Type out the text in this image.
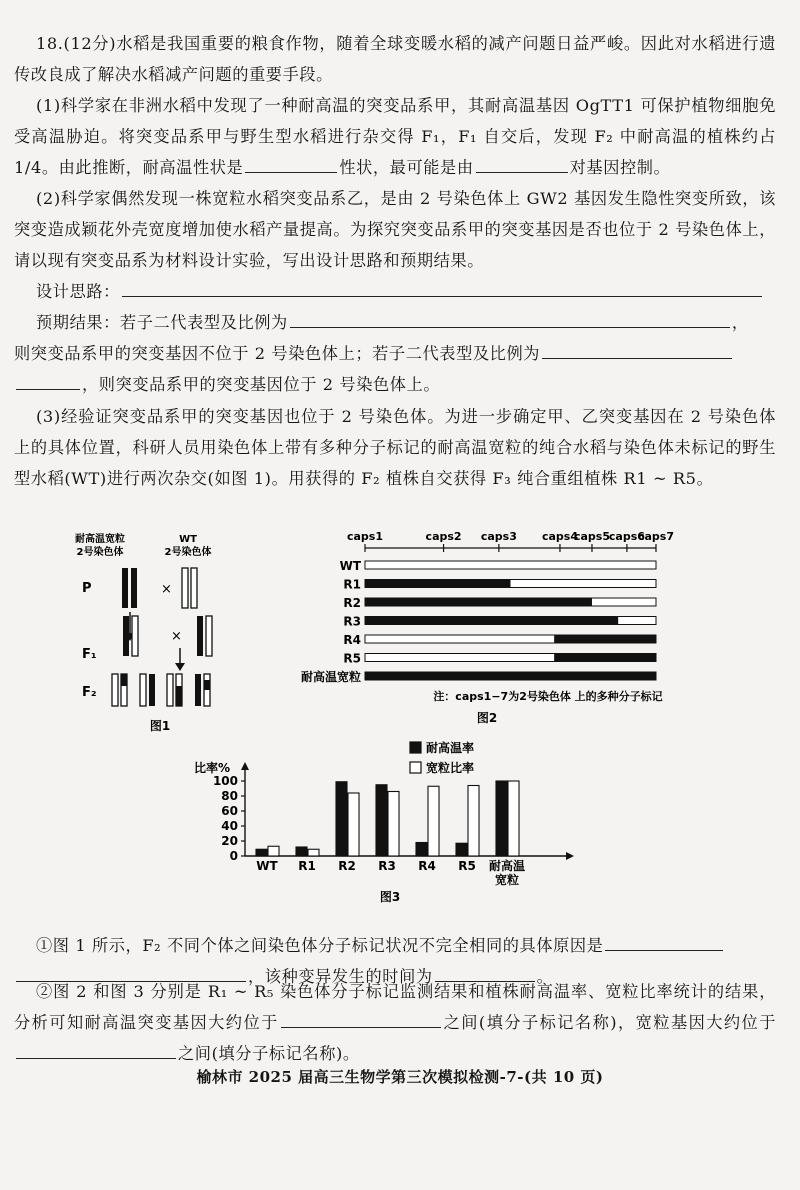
18.(12分)水稻是我国重要的粮食作物，随着全球变暖水稻的减产问题日益严峻。因此对水稻进行遗传改良成了解决水稻减产问题的重要手段。

(1)科学家在非洲水稻中发现了一种耐高温的突变品系甲，其耐高温基因 OgTT1 可保护植物细胞免受高温胁迫。将突变品系甲与野生型水稻进行杂交得 F₁，F₁ 自交后，发现 F₂ 中耐高温的植株约占 1/4。由此推断，耐高温性状是	性状，最可能是由	对基因控制。

(2)科学家偶然发现一株宽粒水稻突变品系乙，是由 2 号染色体上 GW2 基因发生隐性突变所致，该突变造成颖花外壳宽度增加使水稻产量提高。为探究突变品系甲的突变基因是否也位于 2 号染色体上，请以现有突变品系为材料设计实验，写出设计思路和预期结果。

设计思路：

预期结果：若子二代表型及比例为	，
则突变品系甲的突变基因不位于 2 号染色体上；若子二代表型及比例为
，则突变品系甲的突变基因位于 2 号染色体上。

(3)经验证突变品系甲的突变基因也位于 2 号染色体。为进一步确定甲、乙突变基因在 2 号染色体上的具体位置，科研人员用染色体上带有多种分子标记的耐高温宽粒的纯合水稻与染色体未标记的野生型水稻(WT)进行两次杂交(如图 1)。用获得的 F₂ 植株自交获得 F₃ 纯合重组植株 R1 ~ R5。

耐高温宽粒
2号染色体
WT
2号染色体
P	×
F₁
×
F₂
图1
caps1	caps2 caps3 caps4
caps5
caps6
caps7
WT
R1
R2
R3
R4
R5
耐高温宽粒
注：caps1−7为2号染色体 上的多种分子标记
图2
比率%
耐高温率
宽粒比率
0
20
40
60
80
100
WT R1 R2 R3 R4 R5 耐高温宽粒
图3

①图 1 所示，F₂ 不同个体之间染色体分子标记状况不完全相同的具体原因是
，该种变异发生的时间为	。

②图 2 和图 3 分别是 R₁ ~ R₅ 染色体分子标记监测结果和植株耐高温率、宽粒比率统计的结果，分析可知耐高温突变基因大约位于	之间(填分子标记名称)，宽粒基因大约位于之间(填分子标记名称)。

榆林市 2025 届高三生物学第三次模拟检测-7-(共 10 页)
